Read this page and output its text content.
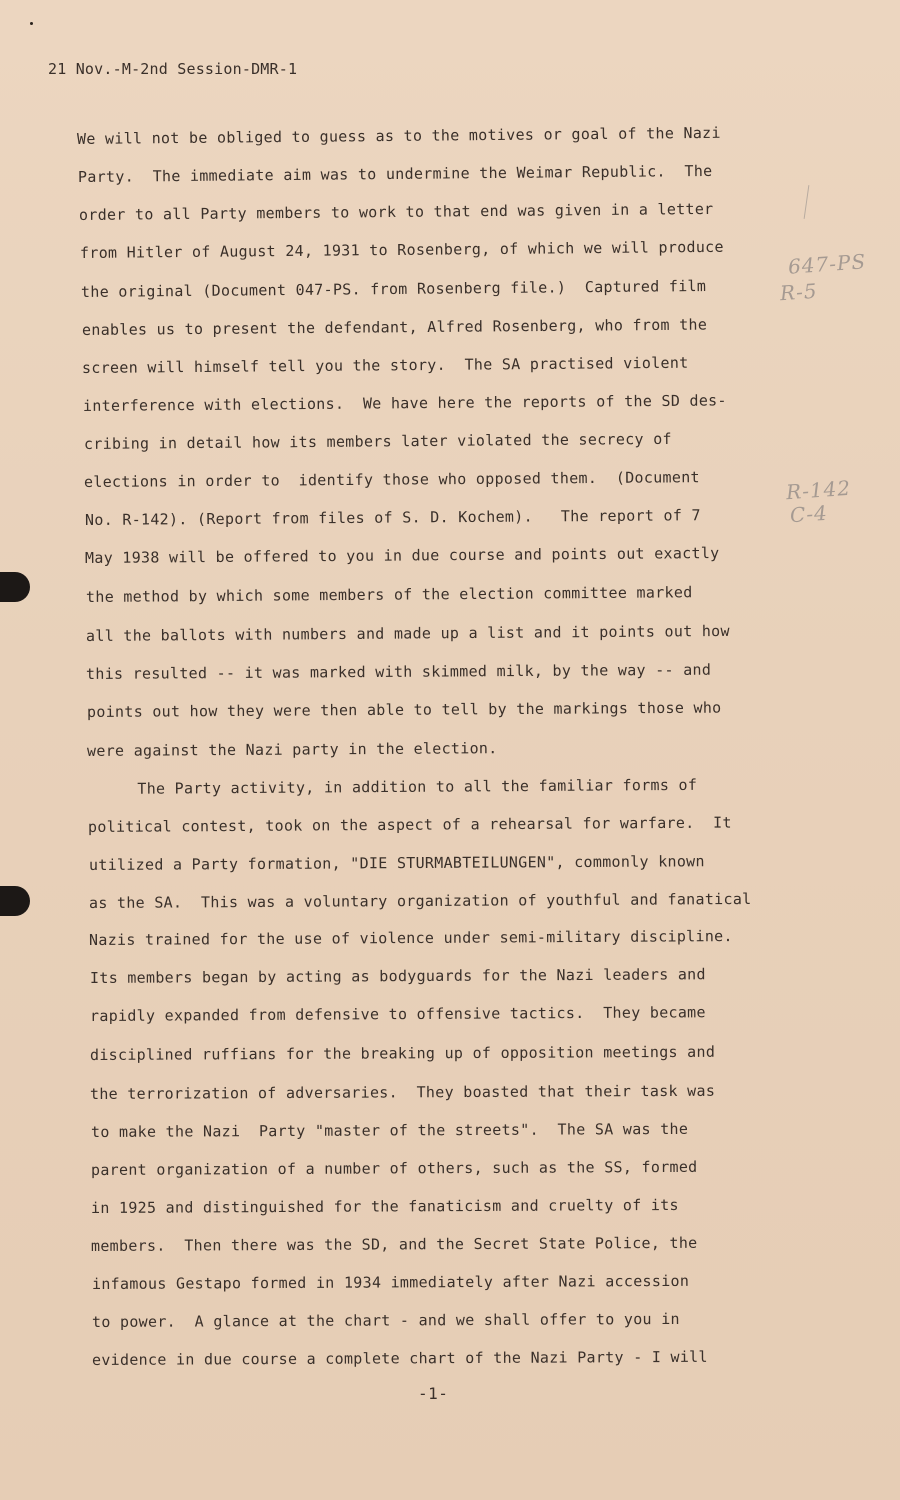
21 Nov.-M-2nd Session-DMR-1
We will not be obliged to guess as to the motives or goal of the Nazi
Party.  The immediate aim was to undermine the Weimar Republic.  The
order to all Party members to work to that end was given in a letter
from Hitler of August 24, 1931 to Rosenberg, of which we will produce
the original (Document 047-PS. from Rosenberg file.)  Captured film
enables us to present the defendant, Alfred Rosenberg, who from the
screen will himself tell you the story.  The SA practised violent
interference with elections.  We have here the reports of the SD des-
cribing in detail how its members later violated the secrecy of
elections in order to  identify those who opposed them.  (Document
No. R-142). (Report from files of S. D. Kochem).   The report of 7
May 1938 will be offered to you in due course and points out exactly
the method by which some members of the election committee marked
all the ballots with numbers and made up a list and it points out how
this resulted -- it was marked with skimmed milk, by the way -- and
points out how they were then able to tell by the markings those who
were against the Nazi party in the election.
The Party activity, in addition to all the familiar forms of
political contest, took on the aspect of a rehearsal for warfare.  It
utilized a Party formation, "DIE STURMABTEILUNGEN", commonly known
as the SA.  This was a voluntary organization of youthful and fanatical
Nazis trained for the use of violence under semi-military discipline.
Its members began by acting as bodyguards for the Nazi leaders and
rapidly expanded from defensive to offensive tactics.  They became
disciplined ruffians for the breaking up of opposition meetings and
the terrorization of adversaries.  They boasted that their task was
to make the Nazi  Party "master of the streets".  The SA was the
parent organization of a number of others, such as the SS, formed
in 1925 and distinguished for the fanaticism and cruelty of its
members.  Then there was the SD, and the Secret State Police, the
infamous Gestapo formed in 1934 immediately after Nazi accession
to power.  A glance at the chart - and we shall offer to you in
evidence in due course a complete chart of the Nazi Party - I will
647-PS
R-5
R-142
C-4
-1-
